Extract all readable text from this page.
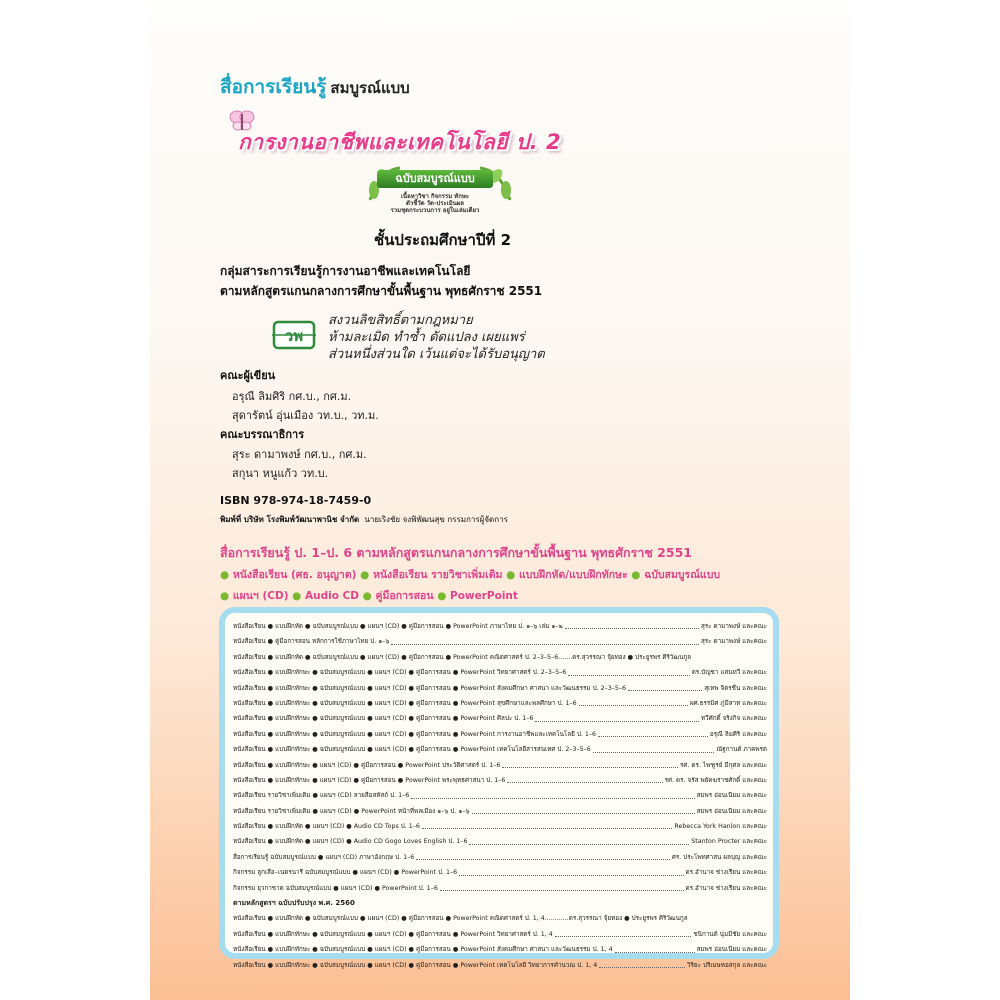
สื่อการเรียนรู้ สมบูรณ์แบบ
การงานอาชีพและเทคโนโลยี ป. 2
ฉบับสมบูรณ์แบบ
เนื้อหาวิชา กิจกรรม ทักษะ
ตัวชี้วัด วัด-ประเมินผล
รวมชุดกระบวนการ อยู่ในเล่มเดียว
ชั้นประถมศึกษาปีที่ 2
กลุ่มสาระการเรียนรู้การงานอาชีพและเทคโนโลยี
ตามหลักสูตรแกนกลางการศึกษาขั้นพื้นฐาน พุทธศักราช 2551
วพ
สงวนลิขสิทธิ์ตามกฎหมาย
ห้ามละเมิด ทำซ้ำ ดัดแปลง เผยแพร่
ส่วนหนึ่งส่วนใด เว้นแต่จะได้รับอนุญาต
คณะผู้เขียน
อรุณี ลิมศิริ กศ.บ., กศ.ม.
สุดารัตน์ อุ่นเมือง วท.บ., วท.ม.
คณะบรรณาธิการ
สุระ ดามาพงษ์ กศ.บ., กศ.ม.
สกุนา หนูแก้ว วท.บ.
ISBN 978-974-18-7459-0
พิมพ์ที่ บริษัท โรงพิมพ์วัฒนาพานิช จำกัด นายเริงชัย จงพิพัฒนสุข กรรมการผู้จัดการ
สื่อการเรียนรู้ ป. 1–ป. 6 ตามหลักสูตรแกนกลางการศึกษาขั้นพื้นฐาน พุทธศักราช 2551
● หนังสือเรียน (ศธ. อนุญาต) ● หนังสือเรียน รายวิชาเพิ่มเติม ● แบบฝึกหัด/แบบฝึกทักษะ ● ฉบับสมบูรณ์แบบ
● แผนฯ (CD) ● Audio CD ● คู่มือการสอน ● PowerPoint
หนังสือเรียน ● แบบฝึกหัด ● ฉบับสมบูรณ์แบบ ● แผนฯ (CD) ● คู่มือการสอน ● PowerPoint ภาษาไทย ป. ๑–๖ เล่ม ๑–๒	สุระ ดามาพงษ์ และคณะ
หนังสือเรียน ● คู่มือการสอน หลักการใช้ภาษาไทย ป. ๑–๖	สุระ ดามาพงษ์ และคณะ
หนังสือเรียน ● แบบฝึกหัด ● ฉบับสมบูรณ์แบบ ● แผนฯ (CD) ● คู่มือการสอน ● PowerPoint คณิตศาสตร์ ป. 2–3–5–6.......ดร.สุวรรณา จุ้ยทอง ● ประยูรพร ศิริวัฒนกูล
หนังสือเรียน ● แบบฝึกทักษะ ● ฉบับสมบูรณ์แบบ ● แผนฯ (CD) ● คู่มือการสอน ● PowerPoint วิทยาศาสตร์ ป. 2–3–5–6	ดร.บัญชา แสนทวี และคณะ
หนังสือเรียน ● แบบฝึกทักษะ ● ฉบับสมบูรณ์แบบ ● แผนฯ (CD) ● คู่มือการสอน ● PowerPoint สังคมศึกษา ศาสนา และวัฒนธรรม ป. 2–3–5–6	สุเทพ จิตรชื่น และคณะ
หนังสือเรียน ● แบบฝึกทักษะ ● ฉบับสมบูรณ์แบบ ● แผนฯ (CD) ● คู่มือการสอน ● PowerPoint สุขศึกษาและพลศึกษา ป. 1–6	ผศ.ธรรมิศ ภู่มีสาท และคณะ
หนังสือเรียน ● แบบฝึกทักษะ ● ฉบับสมบูรณ์แบบ ● แผนฯ (CD) ● คู่มือการสอน ● PowerPoint ศิลปะ ป. 1–6	ทวีศักดิ์ จริงกิจ และคณะ
หนังสือเรียน ● แบบฝึกทักษะ ● ฉบับสมบูรณ์แบบ ● แผนฯ (CD) ● คู่มือการสอน ● PowerPoint การงานอาชีพและเทคโนโลยี ป. 1–6	อรุณี ลิมศิริ และคณะ
หนังสือเรียน ● แบบฝึกทักษะ ● ฉบับสมบูรณ์แบบ ● แผนฯ (CD) ● คู่มือการสอน ● PowerPoint เทคโนโลยีสารสนเทศ ป. 2–3–5–6	ณัฐกานต์ ภาคพรต
หนังสือเรียน ● แบบฝึกทักษะ ● แผนฯ (CD) ● คู่มือการสอน ● PowerPoint ประวัติศาสตร์ ป. 1–6	รศ. ดร. ไพฑูรย์ มีกุศล และคณะ
หนังสือเรียน ● แบบฝึกทักษะ ● แผนฯ (CD) ● คู่มือการสอน ● PowerPoint พระพุทธศาสนา ป. 1–6	รศ. ดร. จรัส พยัคฆราชศักดิ์ และคณะ
หนังสือเรียน รายวิชาเพิ่มเติม ● แผนฯ (CD) ลายสือสหัสถ์ ป. 1–6	สมพร อ่อนเนียม และคณะ
หนังสือเรียน รายวิชาเพิ่มเติม ● แผนฯ (CD) ● PowerPoint หน้าที่พลเมือง ๑–๖ ป. ๑–๖	สมพร อ่อนเนียม และคณะ
หนังสือเรียน ● แบบฝึกหัด ● แผนฯ (CD) ● Audio CD Tops ป. 1–6	Rebecca York Hanlon และคณะ
หนังสือเรียน ● แบบฝึกหัด ● แผนฯ (CD) ● Audio CD Gogo Loves English ป. 1–6	Stanton Procter และคณะ
สื่อการเรียนรู้ ฉบับสมบูรณ์แบบ ● แผนฯ (CD) ภาษาอังกฤษ ป. 1–6	ศร. ประโพทศาสน ผลบุญ และคณะ
กิจกรรม ลูกเสือ–เนตรนารี ฉบับสมบูรณ์แบบ ● แผนฯ (CD) ● PowerPoint ป. 1–6	ดร.อำนาจ ช่างเรียน และคณะ
กิจกรรม ยุวกาชาด ฉบับสมบูรณ์แบบ ● แผนฯ (CD) ● PowerPoint ป. 1–6	ดร.อำนาจ ช่างเรียน และคณะ
ตามหลักสูตรฯ ฉบับปรับปรุง พ.ศ. 2560
หนังสือเรียน ● แบบฝึกหัด ● ฉบับสมบูรณ์แบบ ● แผนฯ (CD) ● คู่มือการสอน ● PowerPoint คณิตศาสตร์ ป. 1, 4............ดร.สุวรรณา จุ้ยทอง ● ประยูรพร ศิริวัฒนกูล
หนังสือเรียน ● แบบฝึกทักษะ ● ฉบับสมบูรณ์แบบ ● แผนฯ (CD) ● คู่มือการสอน ● PowerPoint วิทยาศาสตร์ ป. 1, 4	ชนิกานต์ นุ่มมีชัย และคณะ
หนังสือเรียน ● แบบฝึกทักษะ ● ฉบับสมบูรณ์แบบ ● แผนฯ (CD) ● คู่มือการสอน ● PowerPoint สังคมศึกษา ศาสนา และวัฒนธรรม ป. 1, 4	สมพร อ่อนเนียม และคณะ
หนังสือเรียน ● แบบฝึกทักษะ ● ฉบับสมบูรณ์แบบ ● แผนฯ (CD) ● คู่มือการสอน ● PowerPoint เทคโนโลยี วิทยาการคำนวณ ป. 1, 4	วิริยะ ปริเมษหอสกุล และคณะ
